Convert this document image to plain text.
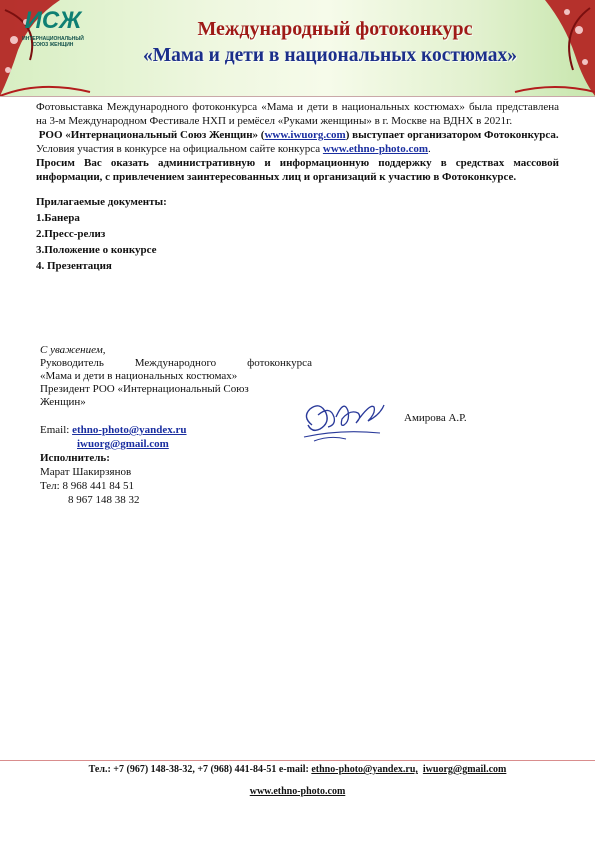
ИСЖ
ИНТЕРНАЦИОНАЛЬНЫЙ СОЮЗ ЖЕНЩИН
Международный фотоконкурс
«Мама и дети в национальных костюмах»

Фотовыставка Международного фотоконкурса «Мама и дети в национальных костюмах» была представлена на 3-м Международном Фестивале НХП и ремёсел «Руками женщины» в г. Москве на ВДНХ в 2021г.

РОО «Интернациональный Союз Женщин» (www.iwuorg.com) выступает организатором Фотоконкурса.

Условия участия в конкурсе на официальном сайте конкурса www.ethno-photo.com.

Просим Вас оказать административную и информационную поддержку в средствах массовой информации, с привлечением заинтересованных лиц и организаций к участию в Фотоконкурсе.

Прилагаемые документы:
1.Банера
2.Пресс-релиз
3.Положение о конкурсе
4. Презентация
С уважением,
Руководитель Международного фотоконкурса
«Мама и дети в национальных костюмах»
Президент РОО «Интернациональный Союз
Женщин»
Амирова А.Р.
Email: ethno-photo@yandex.ru
iwuorg@gmail.com
Исполнитель:
Марат Шакирзянов
Тел: 8 968 441 84 51
8 967 148 38 32
Тел.: +7 (967) 148-38-32, +7 (968) 441-84-51 e-mail: ethno-photo@yandex.ru, iwuorg@gmail.com
www.ethno-photo.com
